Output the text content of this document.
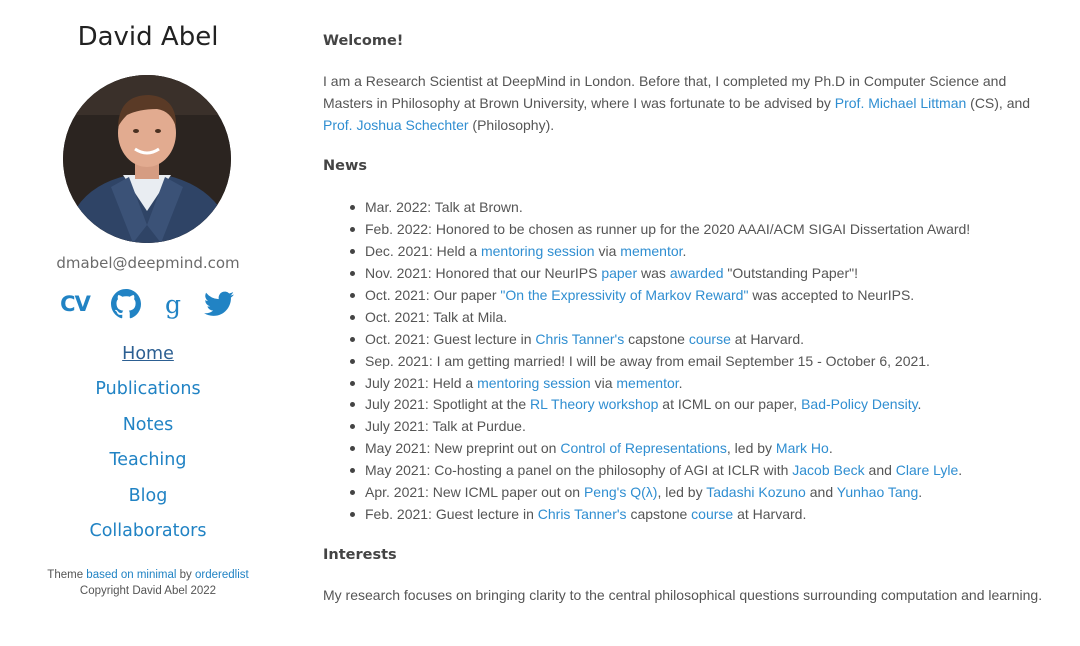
David Abel
dmabel@deepmind.com
CV	g
Home
Publications
Notes
Teaching
Blog
Collaborators
Theme based on minimal by orderedlist
Copyright David Abel 2022
Welcome!
I am a Research Scientist at DeepMind in London. Before that, I completed my Ph.D in Computer Science and Masters in Philosophy at Brown University, where I was fortunate to be advised by Prof. Michael Littman (CS), and Prof. Joshua Schechter (Philosophy).
News
Mar. 2022: Talk at Brown.
Feb. 2022: Honored to be chosen as runner up for the 2020 AAAI/ACM SIGAI Dissertation Award!
Dec. 2021: Held a mentoring session via mementor.
Nov. 2021: Honored that our NeurIPS paper was awarded "Outstanding Paper"!
Oct. 2021: Our paper "On the Expressivity of Markov Reward" was accepted to NeurIPS.
Oct. 2021: Talk at Mila.
Oct. 2021: Guest lecture in Chris Tanner's capstone course at Harvard.
Sep. 2021: I am getting married! I will be away from email September 15 - October 6, 2021.
July 2021: Held a mentoring session via mementor.
July 2021: Spotlight at the RL Theory workshop at ICML on our paper, Bad-Policy Density.
July 2021: Talk at Purdue.
May 2021: New preprint out on Control of Representations, led by Mark Ho.
May 2021: Co-hosting a panel on the philosophy of AGI at ICLR with Jacob Beck and Clare Lyle.
Apr. 2021: New ICML paper out on Peng's Q(λ), led by Tadashi Kozuno and Yunhao Tang.
Feb. 2021: Guest lecture in Chris Tanner's capstone course at Harvard.
Interests
My research focuses on bringing clarity to the central philosophical questions surrounding computation and learning.
